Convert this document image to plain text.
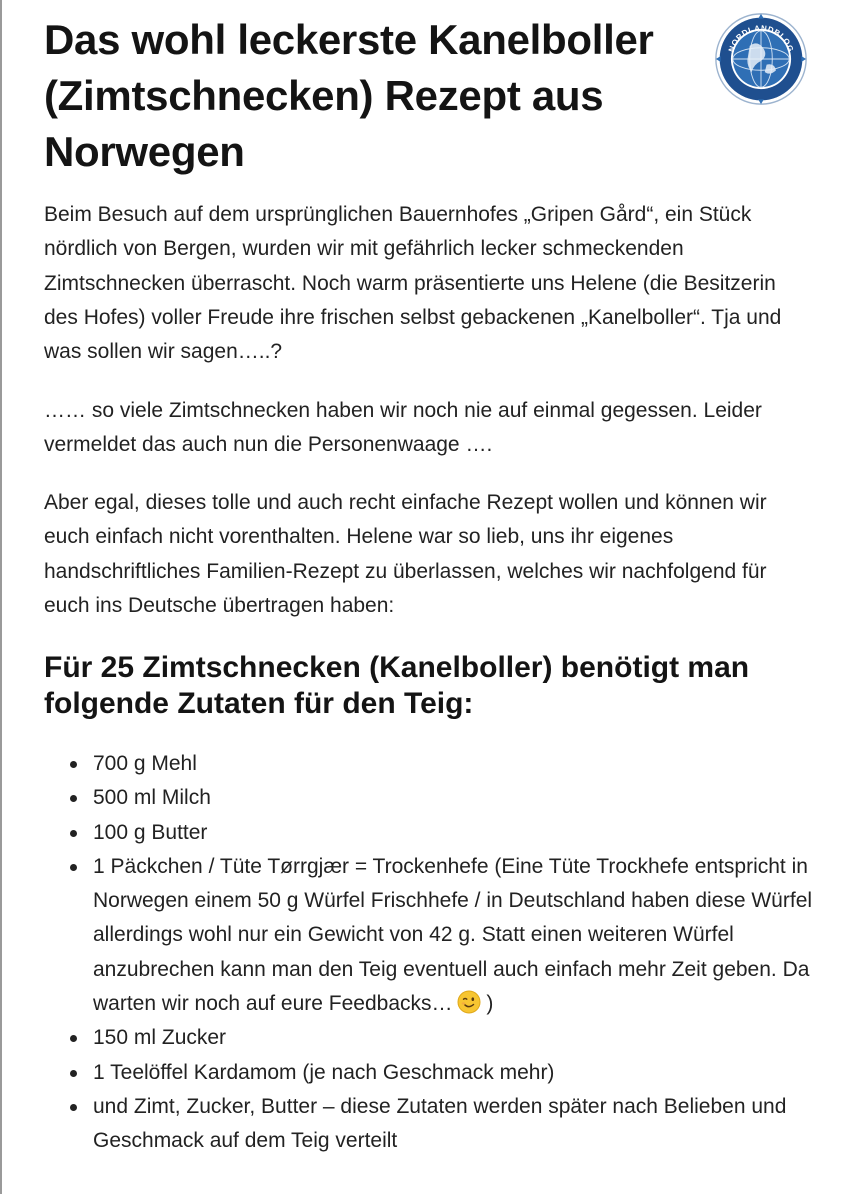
Das wohl leckerste Kanelboller (Zimtschnecken) Rezept aus Norwegen
NORDLANDBLOG

Beim Besuch auf dem ursprünglichen Bauernhofes „Gripen Gård“, ein Stück nördlich von Bergen, wurden wir mit gefährlich lecker schmeckenden Zimtschnecken überrascht. Noch warm präsentierte uns Helene (die Besitzerin des Hofes) voller Freude ihre frischen selbst gebackenen „Kanelboller“. Tja und was sollen wir sagen…..?

…… so viele Zimtschnecken haben wir noch nie auf einmal gegessen. Leider vermeldet das auch nun die Personenwaage ….

Aber egal, dieses tolle und auch recht einfache Rezept wollen und können wir euch einfach nicht vorenthalten. Helene war so lieb, uns ihr eigenes handschriftliches Familien-Rezept zu überlassen, welches wir nachfolgend für euch ins Deutsche übertragen haben:

Für 25 Zimtschnecken (Kanelboller) benötigt man folgende Zutaten für den Teig:
700 g Mehl
500 ml Milch
100 g Butter
1 Päckchen / Tüte Tørrgjær = Trockenhefe (Eine Tüte Trockhefe entspricht in Norwegen einem 50 g Würfel Frischhefe / in Deutschland haben diese Würfel allerdings wohl nur ein Gewicht von 42 g. Statt einen weiteren Würfel anzubrechen kann man den Teig eventuell auch einfach mehr Zeit geben. Da warten wir noch auf eure Feedbacks…
)
150 ml Zucker
1 Teelöffel Kardamom (je nach Geschmack mehr)
und Zimt, Zucker, Butter – diese Zutaten werden später nach Belieben und Geschmack auf dem Teig verteilt
